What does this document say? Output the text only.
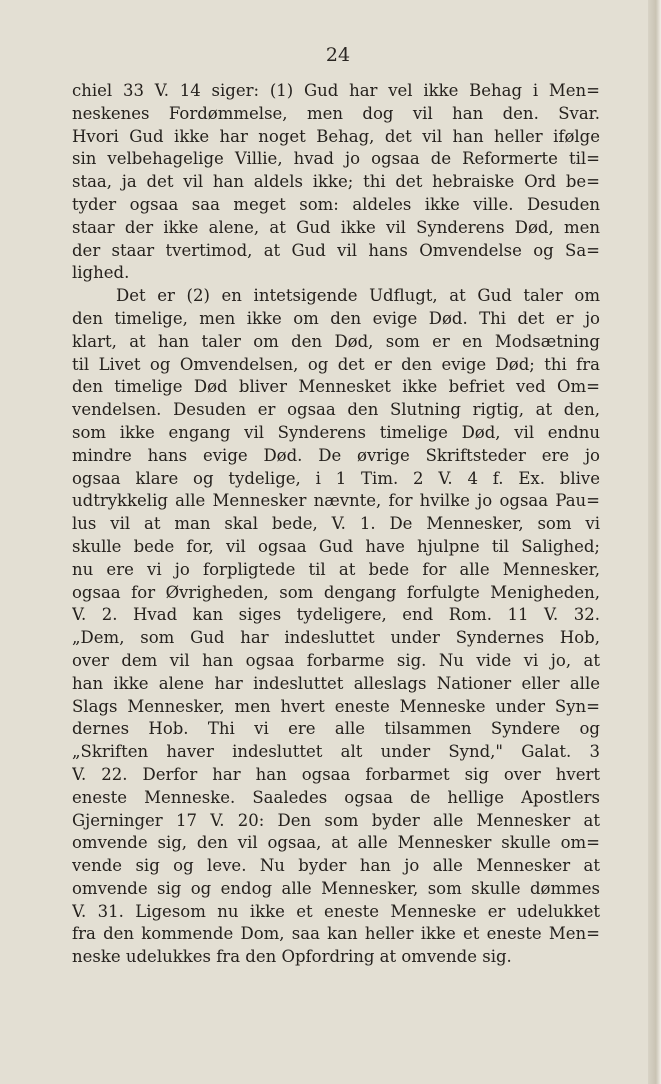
24
chiel 33 V. 14 siger: (1) Gud har vel ikke Behag i Men=
neskenes Fordømmelse, men dog vil han den. Svar.
Hvori Gud ikke har noget Behag, det vil han heller ifølge
sin velbehagelige Villie, hvad jo ogsaa de Reformerte til=
staa, ja det vil han aldels ikke; thi det hebraiske Ord be=
tyder ogsaa saa meget som: aldeles ikke ville. Desuden
staar der ikke alene, at Gud ikke vil Synderens Død, men
der staar tvertimod, at Gud vil hans Omvendelse og Sa=
lighed.
Det er (2) en intetsigende Udflugt, at Gud taler om
den timelige, men ikke om den evige Død. Thi det er jo
klart, at han taler om den Død, som er en Modsætning
til Livet og Omvendelsen, og det er den evige Død; thi fra
den timelige Død bliver Mennesket ikke befriet ved Om=
vendelsen. Desuden er ogsaa den Slutning rigtig, at den,
som ikke engang vil Synderens timelige Død, vil endnu
mindre hans evige Død. De øvrige Skriftsteder ere jo
ogsaa klare og tydelige, i 1 Tim. 2 V. 4 f. Ex. blive
udtrykkelig alle Mennesker nævnte, for hvilke jo ogsaa Pau=
lus vil at man skal bede, V. 1. De Mennesker, som vi
skulle bede for, vil ogsaa Gud have hjulpne til Salighed;
nu ere vi jo forpligtede til at bede for alle Mennesker,
ogsaa for Øvrigheden, som dengang forfulgte Menigheden,
V. 2. Hvad kan siges tydeligere, end Rom. 11 V. 32.
„Dem, som Gud har indesluttet under Syndernes Hob,
over dem vil han ogsaa forbarme sig. Nu vide vi jo, at
han ikke alene har indesluttet alleslags Nationer eller alle
Slags Mennesker, men hvert eneste Menneske under Syn=
dernes Hob. Thi vi ere alle tilsammen Syndere og
„Skriften haver indesluttet alt under Synd," Galat. 3
V. 22. Derfor har han ogsaa forbarmet sig over hvert
eneste Menneske. Saaledes ogsaa de hellige Apostlers
Gjerninger 17 V. 20: Den som byder alle Mennesker at
omvende sig, den vil ogsaa, at alle Mennesker skulle om=
vende sig og leve. Nu byder han jo alle Mennesker at
omvende sig og endog alle Mennesker, som skulle dømmes
V. 31. Ligesom nu ikke et eneste Menneske er udelukket
fra den kommende Dom, saa kan heller ikke et eneste Men=
neske udelukkes fra den Opfordring at omvende sig.
